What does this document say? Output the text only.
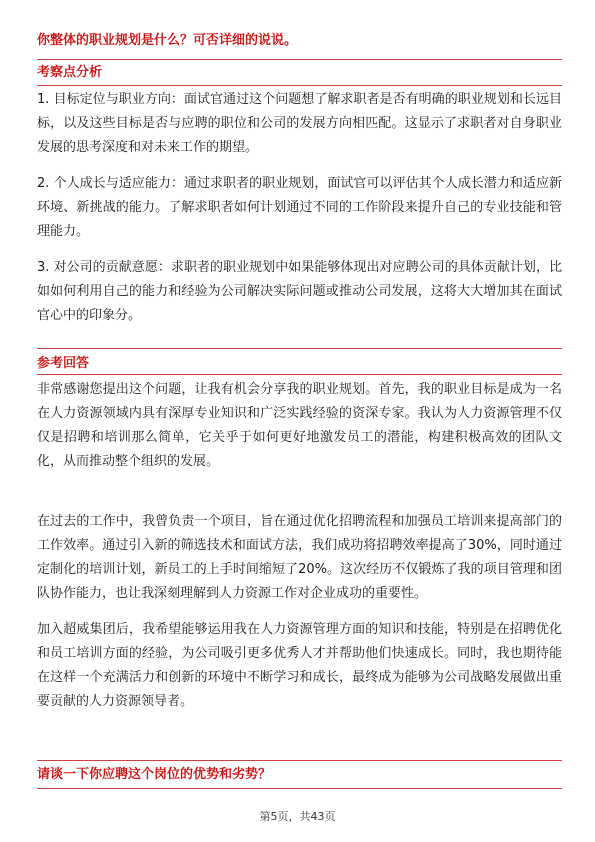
你整体的职业规划是什么？可否详细的说说。
考察点分析

1. 目标定位与职业方向：面试官通过这个问题想了解求职者是否有明确的职业规划和长远目标，以及这些目标是否与应聘的职位和公司的发展方向相匹配。这显示了求职者对自身职业发展的思考深度和对未来工作的期望。

2. 个人成长与适应能力：通过求职者的职业规划，面试官可以评估其个人成长潜力和适应新环境、新挑战的能力。了解求职者如何计划通过不同的工作阶段来提升自己的专业技能和管理能力。

3. 对公司的贡献意愿：求职者的职业规划中如果能够体现出对应聘公司的具体贡献计划，比如如何利用自己的能力和经验为公司解决实际问题或推动公司发展，这将大大增加其在面试官心中的印象分。

参考回答

非常感谢您提出这个问题，让我有机会分享我的职业规划。首先，我的职业目标是成为一名在人力资源领域内具有深厚专业知识和广泛实践经验的资深专家。我认为人力资源管理不仅仅是招聘和培训那么简单，它关乎于如何更好地激发员工的潜能，构建积极高效的团队文化，从而推动整个组织的发展。

在过去的工作中，我曾负责一个项目，旨在通过优化招聘流程和加强员工培训来提高部门的工作效率。通过引入新的筛选技术和面试方法，我们成功将招聘效率提高了30%，同时通过定制化的培训计划，新员工的上手时间缩短了20%。这次经历不仅锻炼了我的项目管理和团队协作能力，也让我深刻理解到人力资源工作对企业成功的重要性。

加入超威集团后，我希望能够运用我在人力资源管理方面的知识和技能，特别是在招聘优化和员工培训方面的经验，为公司吸引更多优秀人才并帮助他们快速成长。同时，我也期待能在这样一个充满活力和创新的环境中不断学习和成长，最终成为能够为公司战略发展做出重要贡献的人力资源领导者。

请谈一下你应聘这个岗位的优势和劣势？
第5页，共43页
